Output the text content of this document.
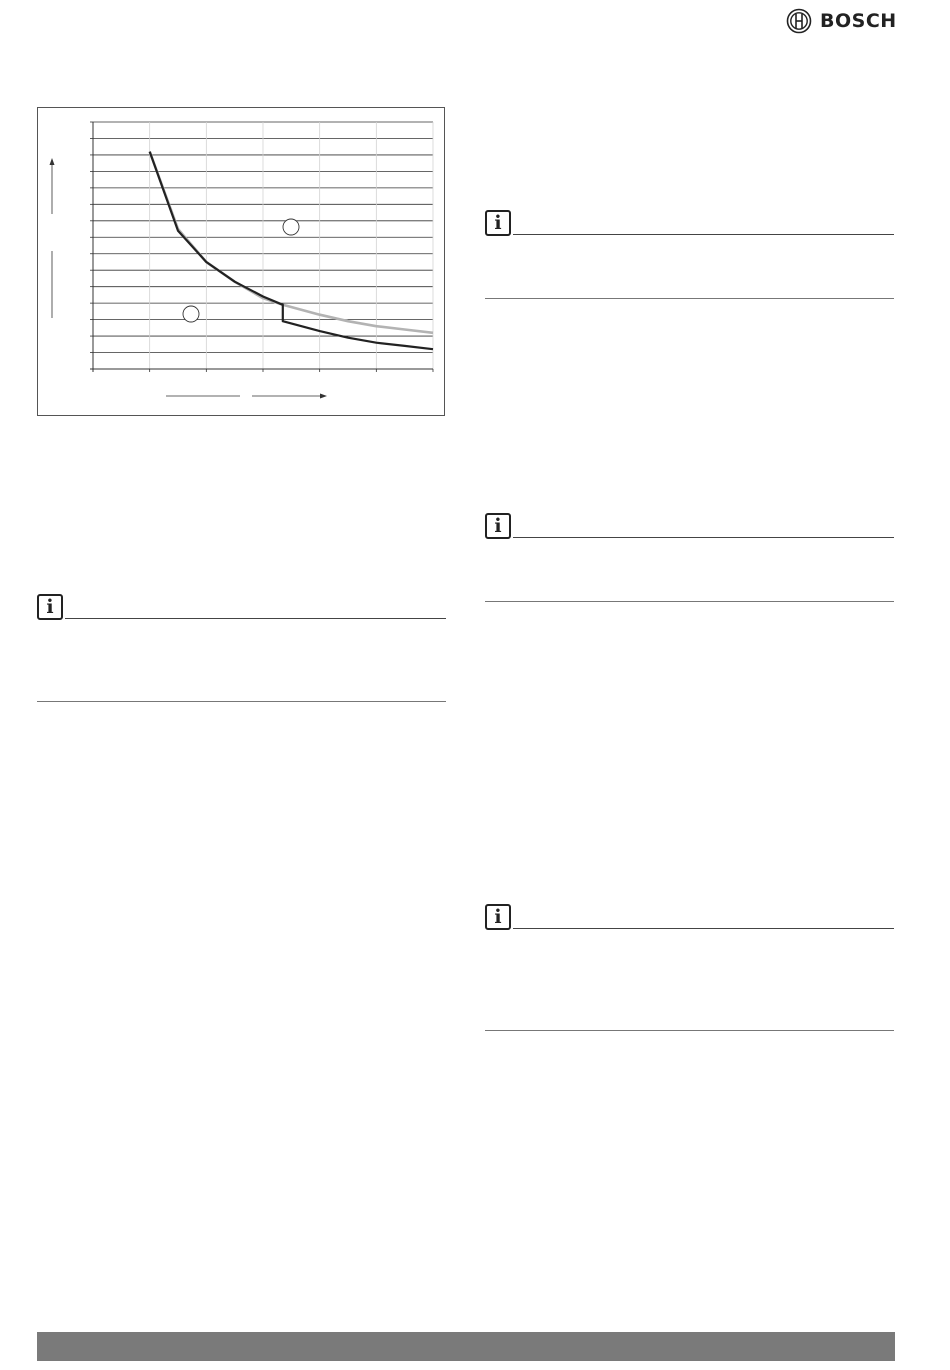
BOSCH
i
i
i
i
